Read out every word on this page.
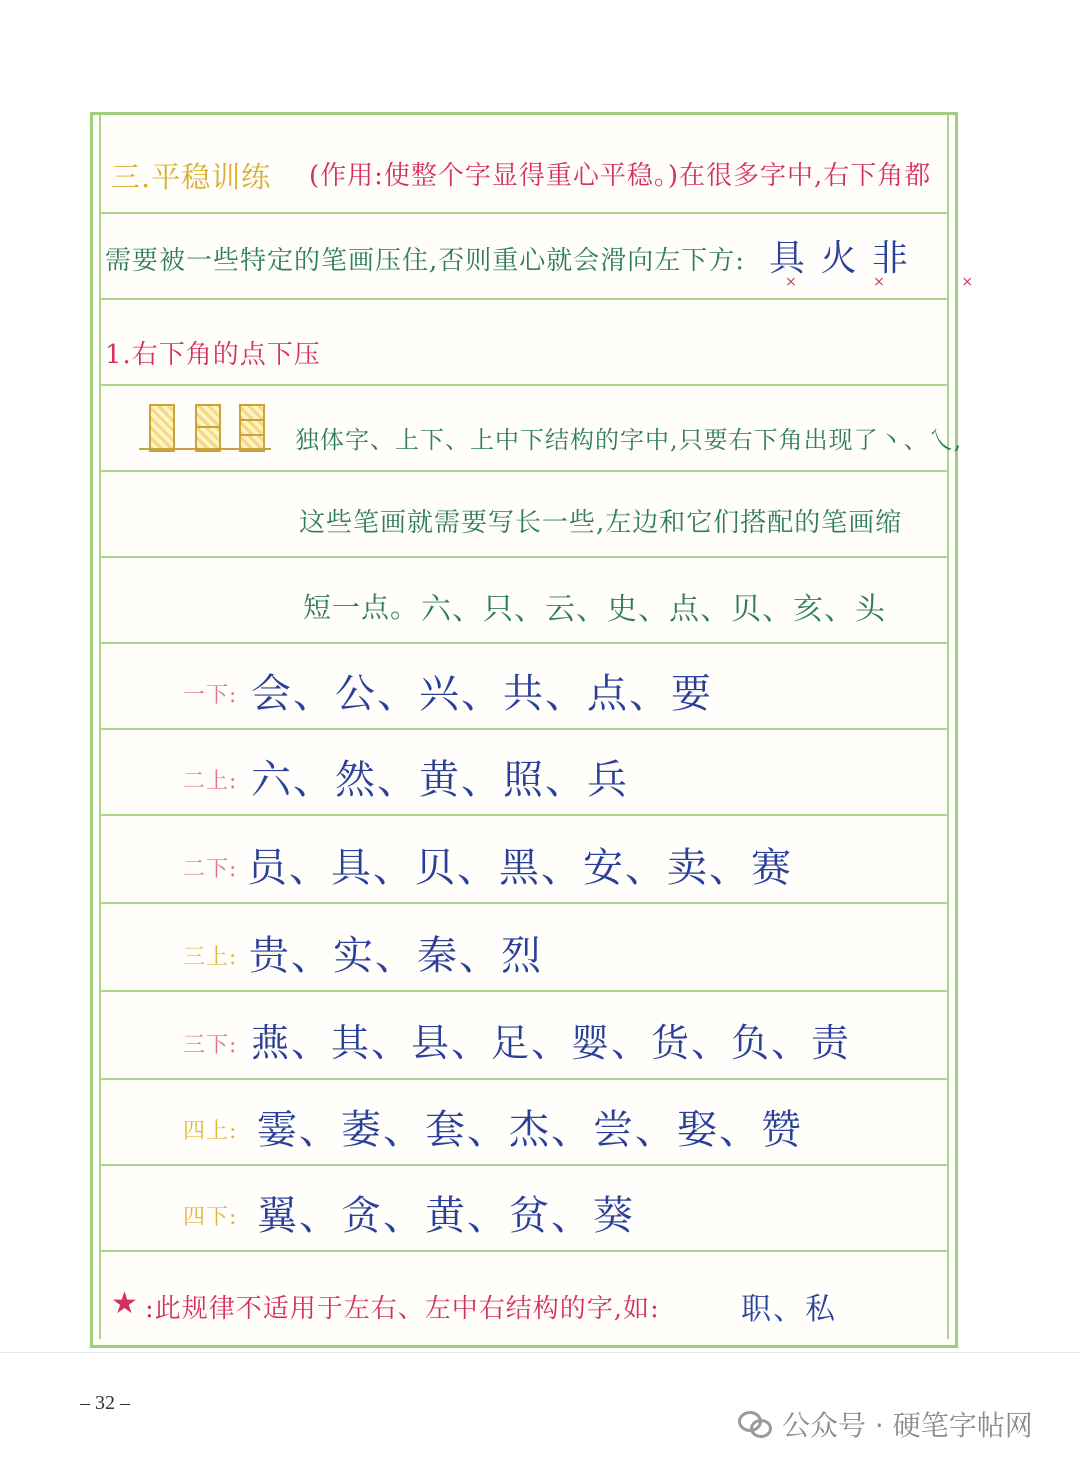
三.平稳训练 (作用:使整个字显得重心平稳。)在很多字中,右下角都
需要被一些特定的笔画压住,否则重心就会滑向左下方: 具 火 非
× × ×
1.右下角的点下压
独体字、上下、上中下结构的字中,只要右下角出现了丶、乀,
这些笔画就需要写长一些,左边和它们搭配的笔画缩
短一点。 六、只、云、史、点、贝、亥、头
一下: 会、公、兴、共、点、要
二上: 六、然、黄、照、兵
二下: 员、具、贝、黑、安、卖、赛
三上: 贵、实、秦、烈
三下: 燕、其、县、足、婴、货、负、责
四上: 霎、萎、套、杰、尝、娶、赞
四下: 翼、贪、黄、贫、葵
★ :此规律不适用于左右、左中右结构的字,如:	职、私
– 32 –
公众号 · 硬笔字帖网
